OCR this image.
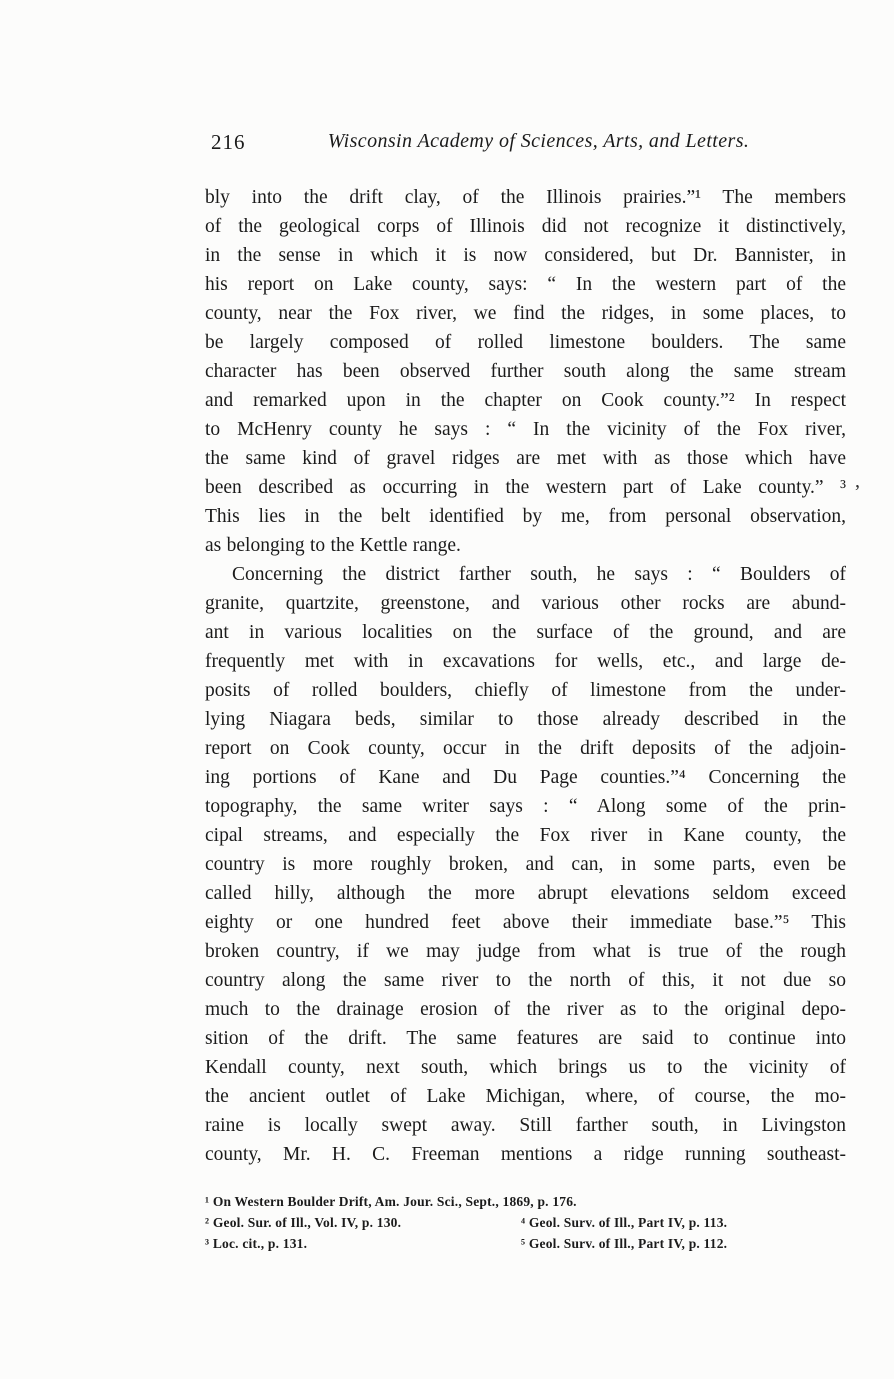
216	Wisconsin Academy of Sciences, Arts, and Letters.
bly into the drift clay, of the Illinois prairies.”¹ The members
of the geological corps of Illinois did not recognize it distinctively,
in the sense in which it is now considered, but Dr. Bannister, in
his report on Lake county, says: “ In the western part of the
county, near the Fox river, we find the ridges, in some places, to
be largely composed of rolled limestone boulders. The same
character has been observed further south along the same stream
and remarked upon in the chapter on Cook county.”² In respect
to McHenry county he says : “ In the vicinity of the Fox river,
the same kind of gravel ridges are met with as those which have
been described as occurring in the western part of Lake county.” ³
This lies in the belt identified by me, from personal observation,
as belonging to the Kettle range.
Concerning the district farther south, he says : “ Boulders of
granite, quartzite, greenstone, and various other rocks are abund-
ant in various localities on the surface of the ground, and are
frequently met with in excavations for wells, etc., and large de-
posits of rolled boulders, chiefly of limestone from the under-
lying Niagara beds, similar to those already described in the
report on Cook county, occur in the drift deposits of the adjoin-
ing portions of Kane and Du Page counties.”⁴ Concerning the
topography, the same writer says : “ Along some of the prin-
cipal streams, and especially the Fox river in Kane county, the
country is more roughly broken, and can, in some parts, even be
called hilly, although the more abrupt elevations seldom exceed
eighty or one hundred feet above their immediate base.”⁵ This
broken country, if we may judge from what is true of the rough
country along the same river to the north of this, it not due so
much to the drainage erosion of the river as to the original depo-
sition of the drift. The same features are said to continue into
Kendall county, next south, which brings us to the vicinity of
the ancient outlet of Lake Michigan, where, of course, the mo-
raine is locally swept away. Still farther south, in Livingston
county, Mr. H. C. Freeman mentions a ridge running southeast-
¹ On Western Boulder Drift, Am. Jour. Sci., Sept., 1869, p. 176.
² Geol. Sur. of Ill., Vol. IV, p. 130.	⁴ Geol. Surv. of Ill., Part IV, p. 113.
³ Loc. cit., p. 131.	⁵ Geol. Surv. of Ill., Part IV, p. 112.
,
